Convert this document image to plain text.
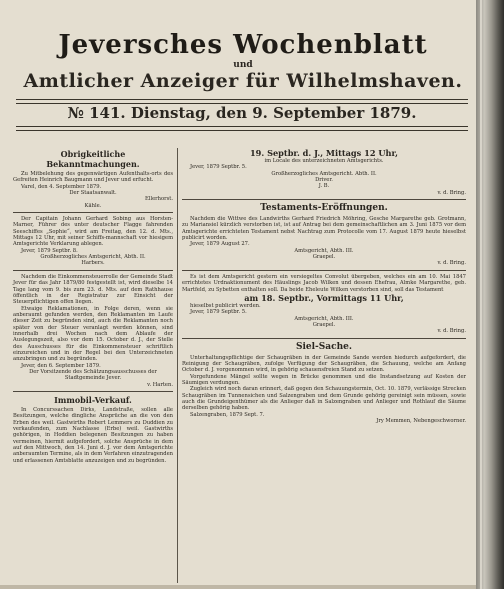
Jeversches Wochenblatt

und

Amtlicher Anzeiger für Wilhelmshaven.

№ 141. Dienstag, den 9. September 1879.

Obrigkeitliche Bekanntmachungen.

Zu Mitbelehung des gegenwärtigen Aufenthalts-orts des Gefreiten Heinrich Baugmann und Jever und erfucht.

Varel, den 4. September 1879.

Der Staatsanwalt.

Ellerhorst.

Kähle.

Der Capitain Johann Gerhard Sobing aus Horsten-Marner, Führer des unter deutscher Flagge fahrenden Seeschiffes „Sophie“, wird am Freitag, den 12. d. Mts., Mittags 12 Uhr, mit seiner Schiffs-mannschaft vor hiesigem Amtsgerichte Verklarung ablegen.

Jever, 1879 Septbr. 8.

Großherzogliches Amtsgericht, Abth. II.

Harbers.

Nachdem die Einkommensteuerrolle der Gemeinde Stadt Jever für das Jahr 1879/80 festgestellt ist, wird dieselbe 14 Tage lang vom 9. bis zum 23. d. Mts. auf dem Rathhause öffentlich in der Registratur zur Einsicht der Steuerpflichtigen offen liegen.

Etwaige Reklamationen, in Folge deren, wenn sie anberaumt gefunden werden, den Reklamanten im Laufe dieser Zeit zu begründen sind, auch die Reklamanten noch später von der Steuer veranlagt werden können, sind innerhalb drei Wochen nach dem Ablaufe der Auslegungszeit, also vor dem 15. October d. J., der Stelle des Ausschusses für die Einkommensteuer schriftlich einzureichen und in der Regel bei den Unterzeichneten anzubringen und zu begründen.

Jever, den 6. September 1879.

Der Vorsitzende des Schätzungsausschusses der Stadtgemeinde Jever.

v. Harten.

Immobil-Verkauf.

In Concurssachen Dirks, Landstraße, sollen alle Besitzungen, welche dingliche Ansprüche an die von den Erben des weil. Gastwirths Robert Lemmers zu Duddien zu verkaufenden, zum Nachlasse (Erbe) weil. Gastwirths gehörigen, in Hoddien belegenen Besitzungen zu haben vermeinen, hiermit aufgefordert, solche Ansprüche in dem auf den Mittwoch, den 14. Juni d. J. vor dem Amtsgerichte anberaumten Termine, als in dem Verfahren einzutragenden und erlassenen Amtsblatte anzuzeigen und zu begründen.

19. Septbr. d. J., Mittags 12 Uhr,

im Locale des unterzeichneten Amtsgerichts.

Jever, 1879 Septbr. 5.

Großherzogliches Amtsgericht. Abth. II.

Driver.

J. B.

v. d. Bring.

Testaments-Eröffnungen.

Nachdem die Wittwe des Landwirths Gerhard Friedrich Möhring, Gesche Margarethe geb. Grotmann, zu Mariansiel kürzlich verstorben ist, ist auf Antrag bei dem gemeinschaftlichen am 3. Juni 1875 vor dem Amtsgerichte errichteten Testament nebst Nachtrag zum Protocolle vom 17. August 1879 heute hieselbst publicirt worden.

Jever, 1879 August 27.

Amtsgericht, Abth. III.

Graepel.

v. d. Bring.

Es ist dem Amtsgericht gestern ein versiegeltes Convolut übergeben, welches ein am 10. Mai 1847 errichtetes Urdnaktionument des Häuslings Jacob Wilken und dessen Ehefrau, Almke Margarethe, geb. Martfeld, zu Sybetten enthalten soll. Da beide Eheleute Wilken verstorben sind, soll das Testament

am 18. Septbr., Vormittags 11 Uhr,

hieselbst publicirt werden.

Jever, 1879 Septbr. 5.

Amtsgericht, Abth. III.

Graepel.

v. d. Bring.

Siel-Sache.

Unterhaltungspflichtige der Schaugräben in der Gemeinde Sande werden hiedurch aufgefordert, die Reinigung der Schaugräben, zufolge Verfügung der Schaugräben, die Schauung, welche am Anfang October d. J. vorgenommen wird, in gehörig schauensfreien Stand zu setzen.

Vorgefundene Mängel sollte wegen in Brücke genommen und die Instandsetzung auf Kosten der Säumigen verdungen.

Zugleich wird noch daran erinnert, daß gegen den Schauungstermin, Oct. 10. 1879, verlässige Strecken Schaugräben im Tunnensichen und Salzengraben und dem Grunde gehörig gereinigt sein müssen, sowie auch die Grundeigenthümer als die Anlieger daß in Salzengraben und Anlieger und Rothlauf die Säume derselben gehörig haben.

Salzengraben, 1879 Sept. 7.

Jry Memmen, Nebengeschworner.
